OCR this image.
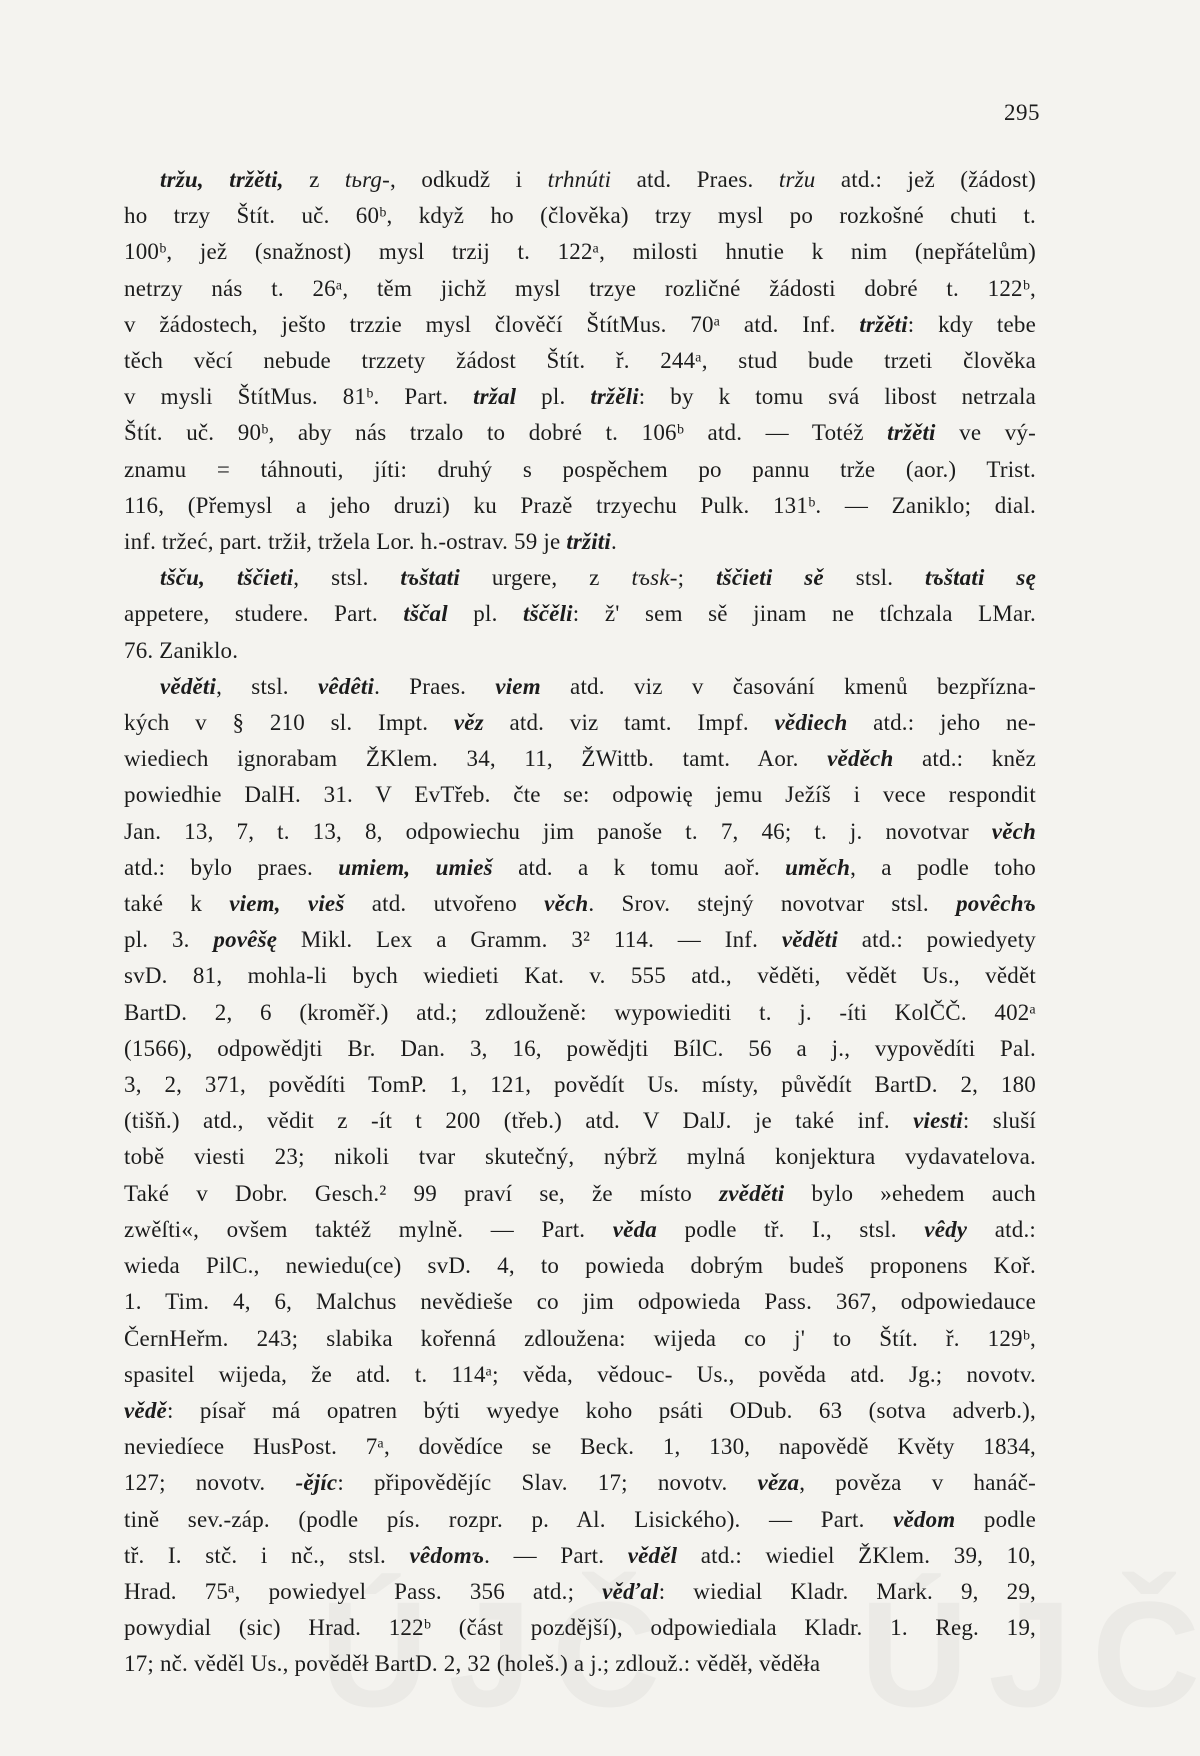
295
tržu, tržěti, z tьrg-, odkudž i trhnúti atd. Praes. tržu atd.: jež (žádost)
ho trzy Štít. uč. 60ᵇ, když ho (člověka) trzy mysl po rozkošné chuti t.
100ᵇ, jež (snažnost) mysl trzij t. 122ᵃ, milosti hnutie k nim (nepřátelům)
netrzy nás t. 26ᵃ, těm jichž mysl trzye rozličné žádosti dobré t. 122ᵇ,
v žádostech, ješto trzzie mysl člověčí ŠtítMus. 70ᵃ atd. Inf. tržěti: kdy tebe
těch věcí nebude trzzety žádost Štít. ř. 244ᵃ, stud bude trzeti člověka
v mysli ŠtítMus. 81ᵇ. Part. tržal pl. tržěli: by k tomu svá libost netrzala
Štít. uč. 90ᵇ, aby nás trzalo to dobré t. 106ᵇ atd. — Totéž tržěti ve vý-
znamu = táhnouti, jíti: druhý s pospěchem po pannu trže (aor.) Trist.
116, (Přemysl a jeho druzi) ku Prazě trzyechu Pulk. 131ᵇ. — Zaniklo; dial.
inf. tržeć, part. tržił, tržela Lor. h.-ostrav. 59 je tržiti.
tšču, tščieti, stsl. tъštati urgere, z tъsk-; tščieti sě stsl. tъštati sę
appetere, studere. Part. tščal pl. tščěli: ž' sem sě jinam ne tſchzala LMar.
76. Zaniklo.
věděti, stsl. vêdêti. Praes. viem atd. viz v časování kmenů bezpřízna-
kých v § 210 sl. Impt. věz atd. viz tamt. Impf. vědiech atd.: jeho ne-
wiediech ignorabam ŽKlem. 34, 11, ŽWittb. tamt. Aor. věděch atd.: kněz
powiedhie DalH. 31. V EvTřeb. čte se: odpowię jemu Ježíš i vece respondit
Jan. 13, 7, t. 13, 8, odpowiechu jim panoše t. 7, 46; t. j. novotvar věch
atd.: bylo praes. umiem, umieš atd. a k tomu aoř. uměch, a podle toho
také k viem, vieš atd. utvořeno věch. Srov. stejný novotvar stsl. povêchъ
pl. 3. povêšę Mikl. Lex a Gramm. 3² 114. — Inf. věděti atd.: powiedyety
svD. 81, mohla-li bych wiedieti Kat. v. 555 atd., věděti, vědět Us., vědět
BartD. 2, 6 (kroměř.) atd.; zdlouženě: wypowiediti t. j. -íti KolČČ. 402ᵃ
(1566), odpowědjti Br. Dan. 3, 16, powědjti BílC. 56 a j., vypovědíti Pal.
3, 2, 371, povědíti TomP. 1, 121, povědít Us. místy, půvědít BartD. 2, 180
(tišň.) atd., vědit z -ít t 200 (třeb.) atd. V DalJ. je také inf. viesti: sluší
tobě viesti 23; nikoli tvar skutečný, nýbrž mylná konjektura vydavatelova.
Také v Dobr. Gesch.² 99 praví se, že místo zvěděti bylo »ehedem auch
zwěſti«, ovšem taktéž mylně. — Part. věda podle tř. I., stsl. vêdy atd.:
wieda PilC., newiedu(ce) svD. 4, to powieda dobrým budeš proponens Koř.
1. Tim. 4, 6, Malchus nevědieše co jim odpowieda Pass. 367, odpowiedauce
ČernHeřm. 243; slabika kořenná zdloužena: wijeda co j' to Štít. ř. 129ᵇ,
spasitel wijeda, že atd. t. 114ᵃ; věda, vědouc- Us., pověda atd. Jg.; novotv.
vědě: písař má opatren býti wyedye koho psáti ODub. 63 (sotva adverb.),
neviedíece HusPost. 7ᵃ, dovědíce se Beck. 1, 130, napovědě Květy 1834,
127; novotv. -ějíc: připovědějíc Slav. 17; novotv. věza, pověza v hanáč-
tině sev.-záp. (podle pís. rozpr. p. Al. Lisického). — Part. vědom podle
tř. I. stč. i nč., stsl. vêdomъ. — Part. věděl atd.: wiediel ŽKlem. 39, 10,
Hrad. 75ᵃ, powiedyel Pass. 356 atd.; věďal: wiedial Kladr. Mark. 9, 29,
powydial (sic) Hrad. 122ᵇ (část pozdější), odpowiediala Kladr. 1. Reg. 19,
17; nč. věděl Us., pověděł BartD. 2, 32 (holeš.) a j.; zdlouž.: věděł, věděła
